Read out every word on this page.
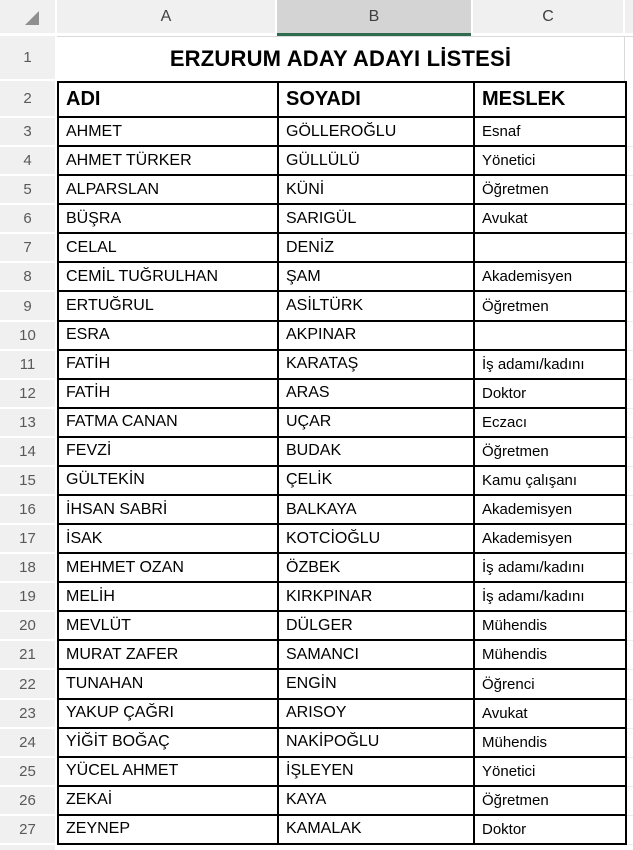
A	B	C
1	ERZURUM ADAY ADAYI LİSTESİ
2	ADI	SOYADI	MESLEK
3	AHMET	GÖLLEROĞLU	Esnaf
4	AHMET TÜRKER	GÜLLÜLÜ	Yönetici
5	ALPARSLAN	KÜNİ	Öğretmen
6	BÜŞRA	SARIGÜL	Avukat
7	CELAL	DENİZ
8	CEMİL TUĞRULHAN	ŞAM	Akademisyen
9	ERTUĞRUL	ASİLTÜRK	Öğretmen
10	ESRA	AKPINAR
11	FATİH	KARATAŞ	İş adamı/kadını
12	FATİH	ARAS	Doktor
13	FATMA CANAN	UÇAR	Eczacı
14	FEVZİ	BUDAK	Öğretmen
15	GÜLTEKİN	ÇELİK	Kamu çalışanı
16	İHSAN SABRİ	BALKAYA	Akademisyen
17	İSAK	KOTCİOĞLU	Akademisyen
18	MEHMET OZAN	ÖZBEK	İş adamı/kadını
19	MELİH	KIRKPINAR	İş adamı/kadını
20	MEVLÜT	DÜLGER	Mühendis
21	MURAT ZAFER	SAMANCI	Mühendis
22	TUNAHAN	ENGİN	Öğrenci
23	YAKUP ÇAĞRI	ARISOY	Avukat
24	YİĞİT BOĞAÇ	NAKİPOĞLU	Mühendis
25	YÜCEL AHMET	İŞLEYEN	Yönetici
26	ZEKAİ	KAYA	Öğretmen
27	ZEYNEP	KAMALAK	Doktor
